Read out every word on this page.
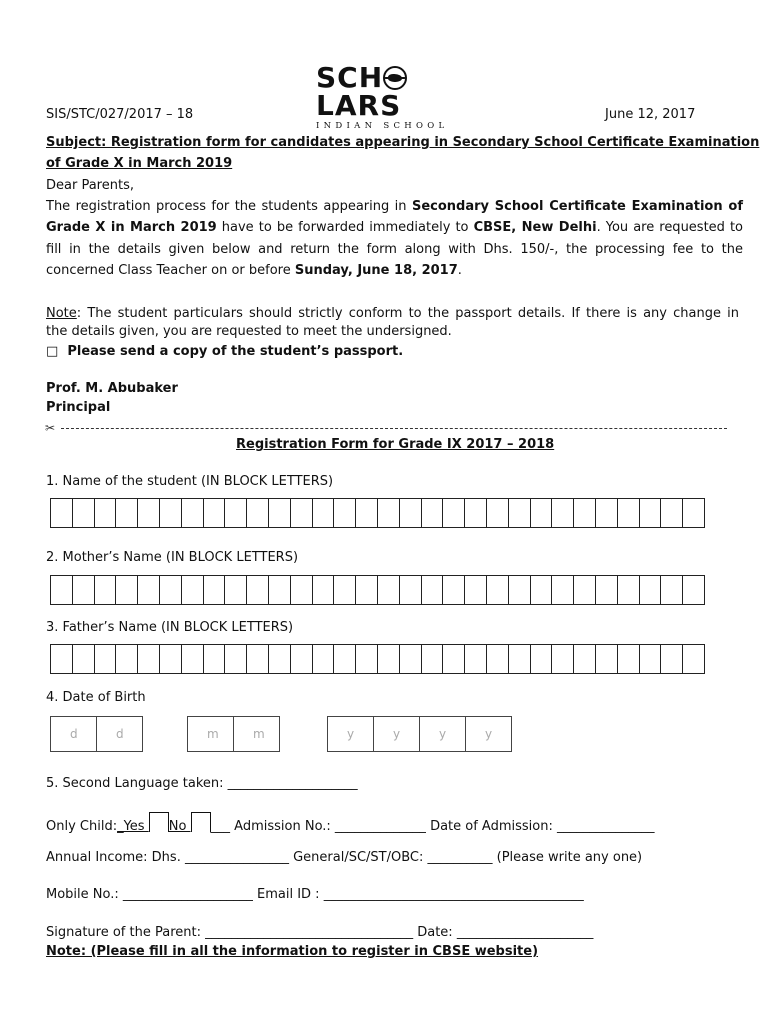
SCHLARS
INDIAN SCHOOL
SIS/STC/027/2017 – 18	June 12, 2017
Subject: Registration form for candidates appearing in Secondary School Certificate Examination
of Grade X in March 2019
Dear Parents,
The registration process for the students appearing in Secondary School Certificate Examination of
Grade X in March 2019 have to be forwarded immediately to CBSE, New Delhi. You are requested to
fill in the details given below and return the form along with Dhs. 150/-, the processing fee to the
concerned Class Teacher on or before Sunday, June 18, 2017.
Note: The student particulars should strictly conform to the passport details. If there is any change in
the details given, you are requested to meet the undersigned.
□ Please send a copy of the student’s passport.
Prof. M. Abubaker
Principal
✂
Registration Form for Grade IX 2017 – 2018
1. Name of the student (IN BLOCK LETTERS)
2. Mother’s Name (IN BLOCK LETTERS)
3. Father’s Name (IN BLOCK LETTERS)
4. Date of Birth
d	d	m	m	y	y	y	y
5. Second Language taken: ____________________
Only Child:_Yes No ___ Admission No.: ______________ Date of Admission: _______________
Annual Income: Dhs. ________________ General/SC/ST/OBC: __________ (Please write any one)
Mobile No.: ____________________ Email ID : ________________________________________
Signature of the Parent: ________________________________ Date: _____________________
Note: (Please fill in all the information to register in CBSE website)
